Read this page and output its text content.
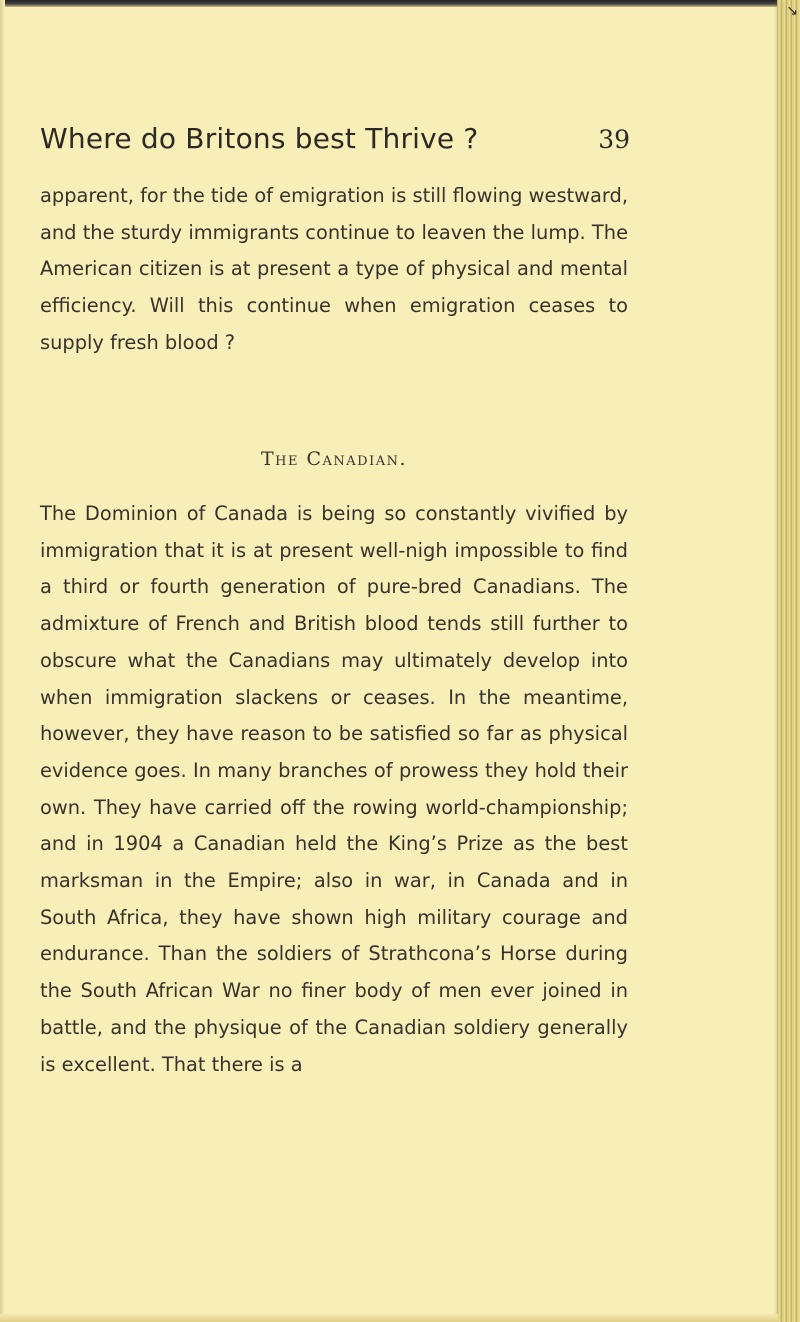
↘
Where do Britons best Thrive ?	39
apparent, for the tide of emigration is still flowing westward, and the sturdy immigrants continue to leaven the lump. The American citizen is at present a type of physical and mental efficiency. Will this continue when emigration ceases to supply fresh blood ?
The Canadian.
The Dominion of Canada is being so constantly vivified by immigration that it is at present well-nigh impossible to find a third or fourth generation of pure-bred Canadians. The admixture of French and British blood tends still further to obscure what the Canadians may ultimately develop into when immigration slackens or ceases. In the meantime, however, they have reason to be satisfied so far as physical evidence goes. In many branches of prowess they hold their own. They have carried off the rowing world-championship; and in 1904 a Canadian held the King’s Prize as the best marksman in the Empire; also in war, in Canada and in South Africa, they have shown high military courage and endurance. Than the soldiers of Strathcona’s Horse during the South African War no finer body of men ever joined in battle, and the physique of the Canadian soldiery generally is excellent. That there is a
